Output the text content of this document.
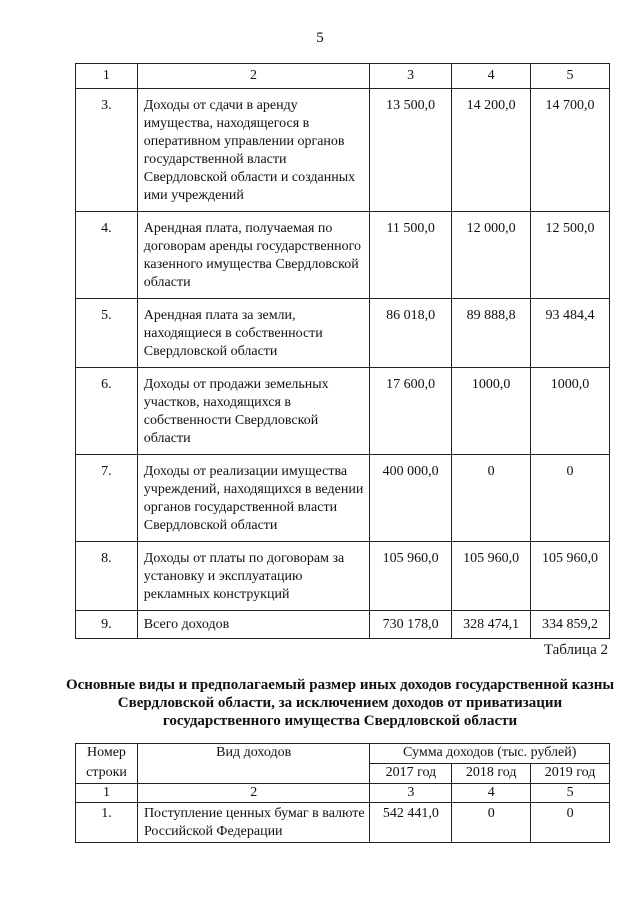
5
1	2	3	4	5
3.	Доходы от сдачи в аренду имущества, находящегося в оперативном управлении органов государственной власти Свердловской области и созданных ими учреждений	13 500,0	14 200,0	14 700,0
4.	Арендная плата, получаемая по договорам аренды государственного казенного имущества Свердловской области	11 500,0	12 000,0	12 500,0
5.	Арендная плата за земли, находящиеся в собственности Свердловской области	86 018,0	89 888,8	93 484,4
6.	Доходы от продажи земельных участков, находящихся в собственности Свердловской области	17 600,0	1000,0	1000,0
7.	Доходы от реализации имущества учреждений, находящихся в ведении органов государственной власти Свердловской области	400 000,0	0	0
8.	Доходы от платы по договорам за установку и эксплуатацию рекламных конструкций	105 960,0	105 960,0	105 960,0
9.	Всего доходов	730 178,0	328 474,1	334 859,2
Таблица 2
Основные виды и предполагаемый размер иных доходов государственной казны Свердловской области, за исключением доходов от приватизации государственного имущества Свердловской области
Номер	Вид доходов	Сумма доходов (тыс. рублей)		
строки		2017 год	2018 год	2019 год
1	2	3	4	5
1.	Поступление ценных бумаг в валюте Российской Федерации	542 441,0	0	0
